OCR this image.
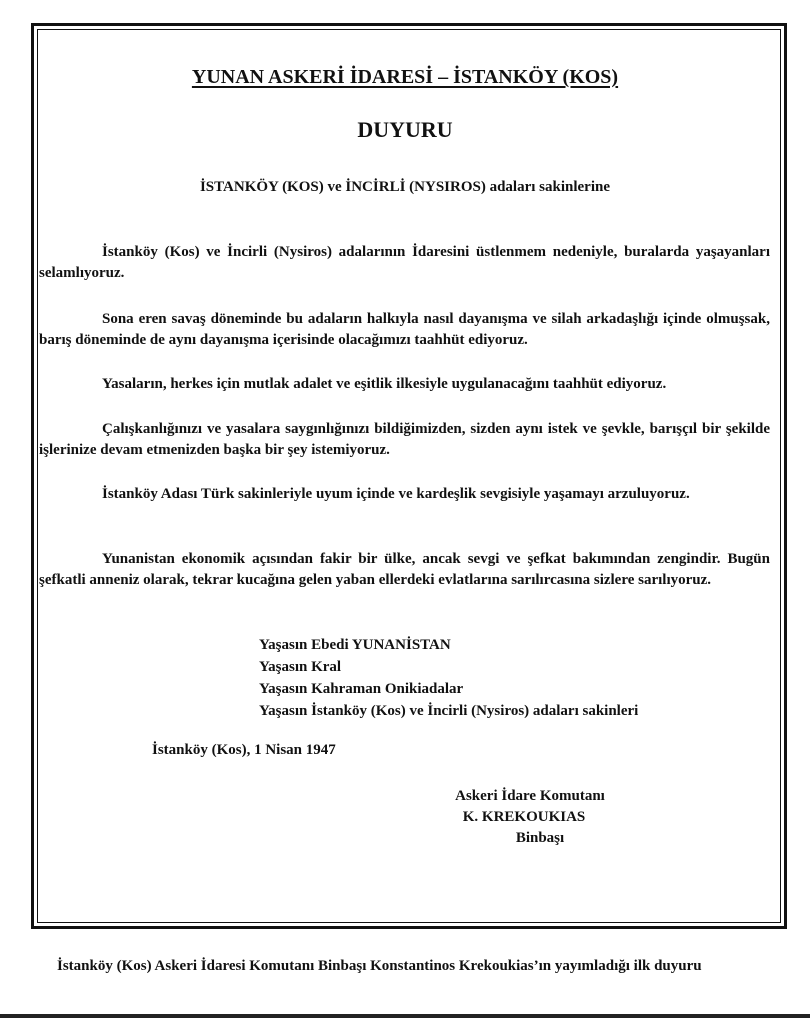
YUNAN ASKERİ İDARESİ – İSTANKÖY (KOS)
DUYURU
İSTANKÖY (KOS) ve İNCİRLİ (NYSIROS) adaları sakinlerine

İstanköy (Kos) ve İncirli (Nysiros) adalarının İdaresini üstlenmem nedeniyle, buralarda yaşayanları selamlıyoruz.

Sona eren savaş döneminde bu adaların halkıyla nasıl dayanışma ve silah arkadaşlığı içinde olmuşsak, barış döneminde de aynı dayanışma içerisinde olacağımızı taahhüt ediyoruz.

Yasaların, herkes için mutlak adalet ve eşitlik ilkesiyle uygulanacağını taahhüt ediyoruz.

Çalışkanlığınızı ve yasalara saygınlığınızı bildiğimizden, sizden aynı istek ve şevkle, barışçıl bir şekilde işlerinize devam etmenizden başka bir şey istemiyoruz.

İstanköy Adası Türk sakinleriyle uyum içinde ve kardeşlik sevgisiyle yaşamayı arzuluyoruz.

Yunanistan ekonomik açısından fakir bir ülke, ancak sevgi ve şefkat bakımından zengindir. Bugün şefkatli anneniz olarak, tekrar kucağına gelen yaban ellerdeki evlatlarına sarılırcasına sizlere sarılıyoruz.

Yaşasın Ebedi YUNANİSTAN
Yaşasın Kral
Yaşasın Kahraman Onikiadalar
Yaşasın İstanköy (Kos) ve İncirli (Nysiros) adaları sakinleri
İstanköy (Kos), 1 Nisan 1947
Askeri İdare Komutanı
K. KREKOUKIAS
Binbaşı
İstanköy (Kos) Askeri İdaresi Komutanı Binbaşı Konstantinos Krekoukias’ın yayımladığı ilk duyuru
